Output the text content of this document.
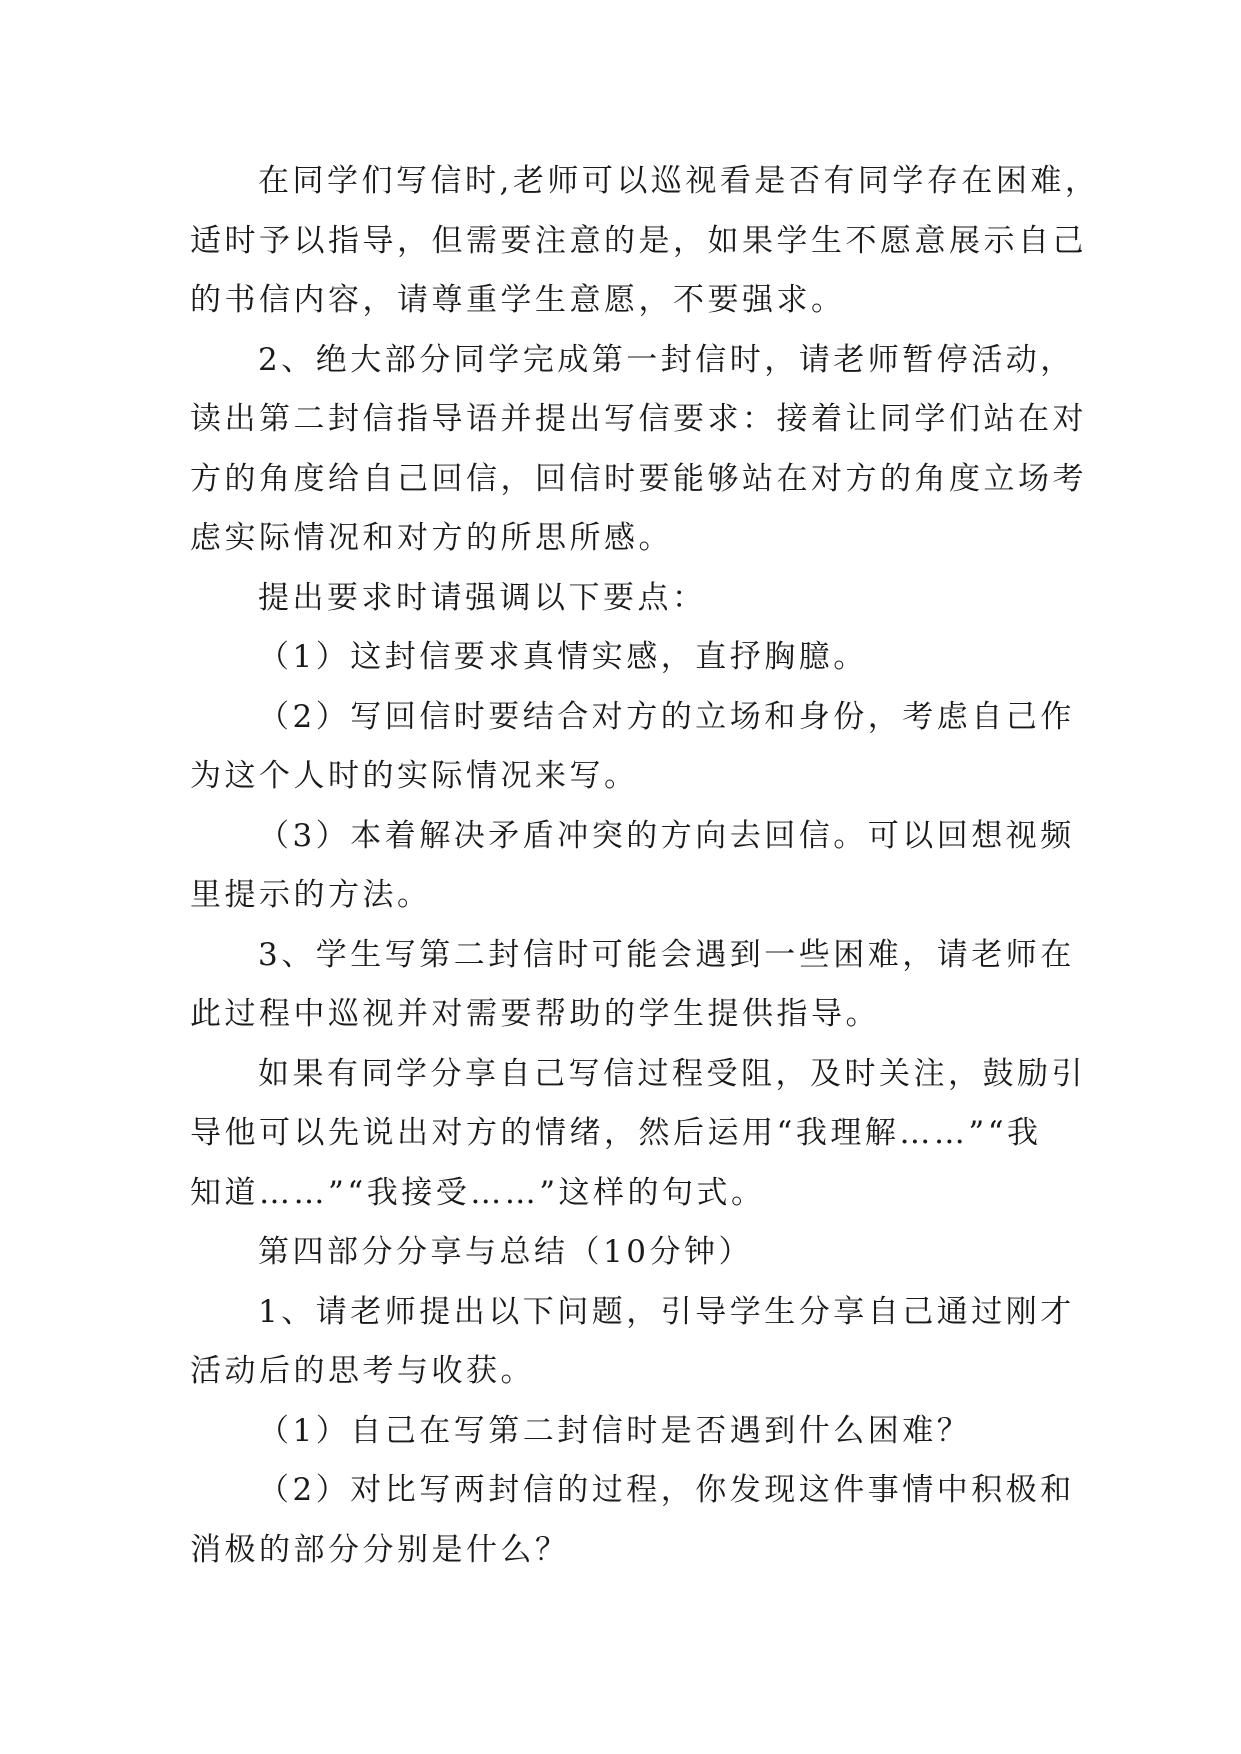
在同学们写信时,老师可以巡视看是否有同学存在困难，
适时予以指导，但需要注意的是，如果学生不愿意展示自己
的书信内容，请尊重学生意愿，不要强求。
2、绝大部分同学完成第一封信时，请老师暂停活动，
读出第二封信指导语并提出写信要求：接着让同学们站在对
方的角度给自己回信，回信时要能够站在对方的角度立场考
虑实际情况和对方的所思所感。
提出要求时请强调以下要点：
（1）这封信要求真情实感，直抒胸臆。
（2）写回信时要结合对方的立场和身份，考虑自己作
为这个人时的实际情况来写。
（3）本着解决矛盾冲突的方向去回信。可以回想视频
里提示的方法。
3、学生写第二封信时可能会遇到一些困难，请老师在
此过程中巡视并对需要帮助的学生提供指导。
如果有同学分享自己写信过程受阻，及时关注，鼓励引
导他可以先说出对方的情绪，然后运用“我理解……”“我
知道……”“我接受……”这样的句式。
第四部分分享与总结（10分钟）
1、请老师提出以下问题，引导学生分享自己通过刚才
活动后的思考与收获。
（1）自己在写第二封信时是否遇到什么困难？
（2）对比写两封信的过程，你发现这件事情中积极和
消极的部分分别是什么？
